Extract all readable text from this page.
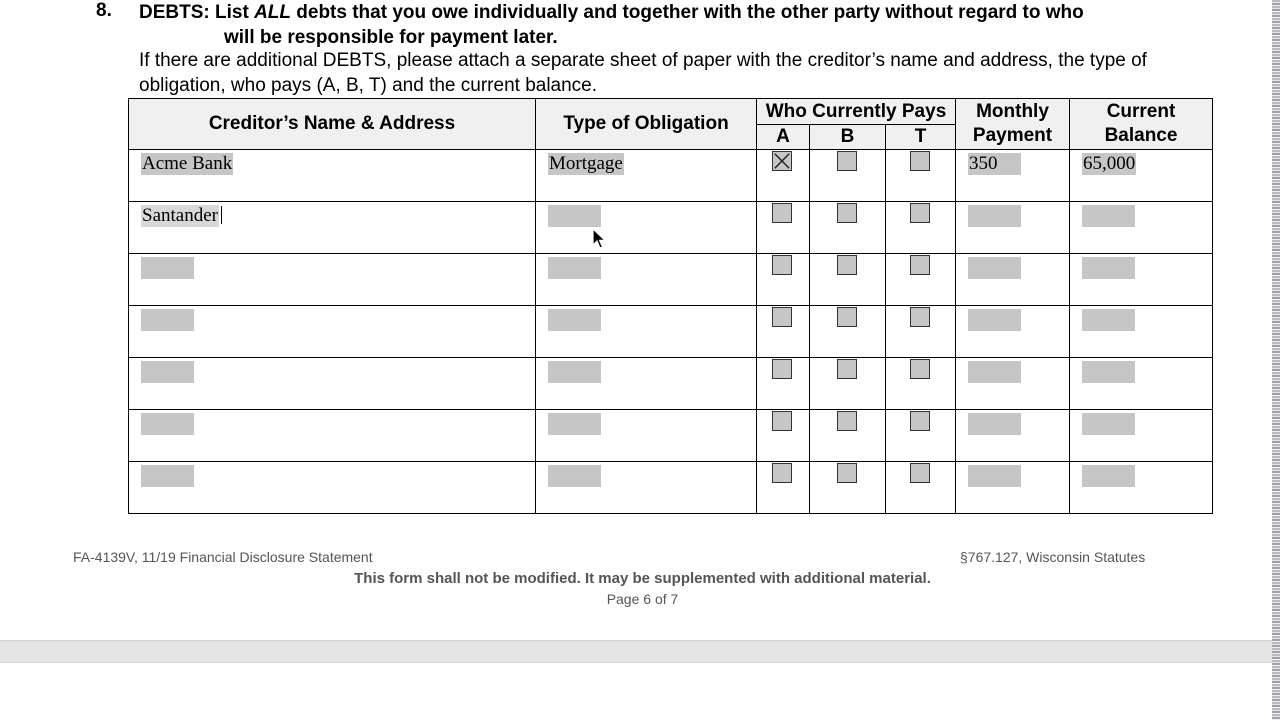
8. DEBTS: List ALL debts that you owe individually and together with the other party without regard to who
will be responsible for payment later.
If there are additional DEBTS, please attach a separate sheet of paper with the creditor’s name and address, the type of obligation, who pays (A, B, T) and the current balance.
Creditor’s Name & Address	Type of Obligation	Who Currently Pays			Monthly Payment	Current Balance
		A	B	T		
Acme Bank	Mortgage				350	65,000
Santander		

FA-4139V, 11/19 Financial Disclosure Statement	§767.127, Wisconsin Statutes
This form shall not be modified. It may be supplemented with additional material.
Page 6 of 7
